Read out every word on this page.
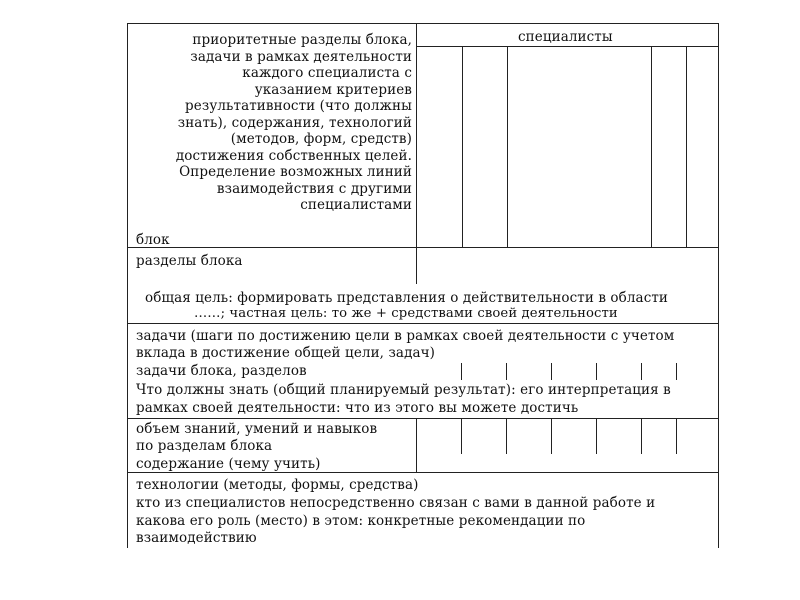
приоритетные разделы блока,
задачи в рамках деятельности
каждого специалиста с
указанием критериев
результативности (что должны
знать), содержания, технологий
(методов, форм, средств)
достижения собственных целей.
Определение возможных линий
взаимодействия с другими
специалистами
блок
специалисты
разделы блока
общая цель: формировать представления о действительности в области
……; частная цель: то же + средствами своей деятельности
задачи (шаги по достижению цели в рамках своей деятельности с учетом
вклада в достижение общей цели, задач)
задачи блока, разделов
Что должны знать (общий планируемый результат): его интерпретация в
рамках своей деятельности: что из этого вы можете достичь
объем знаний, умений и навыков
по разделам блока
содержание (чему учить)
технологии (методы, формы, средства)
кто из специалистов непосредственно связан с вами в данной работе и
какова его роль (место) в этом: конкретные рекомендации по
взаимодействию
